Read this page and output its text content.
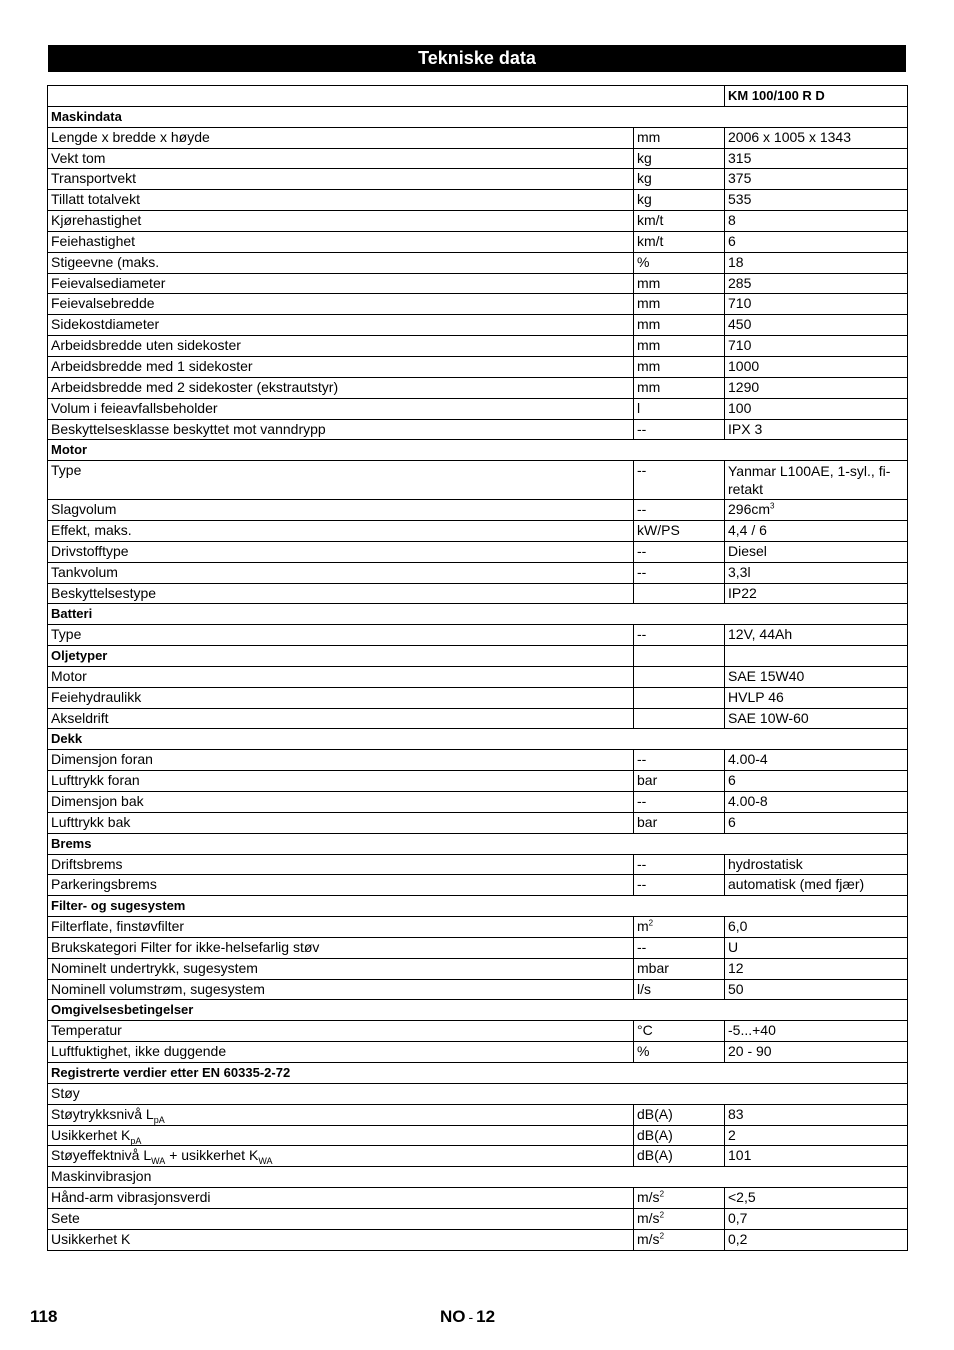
Tekniske data
		KM 100/100 R D
Maskindata		
Lengde x bredde x høyde	mm	2006 x 1005 x 1343
Vekt tom	kg	315
Transportvekt	kg	375
Tillatt totalvekt	kg	535
Kjørehastighet	km/t	8
Feiehastighet	km/t	6
Stigeevne (maks.	%	18
Feievalsediameter	mm	285
Feievalsebredde	mm	710
Sidekostdiameter	mm	450
Arbeidsbredde uten sidekoster	mm	710
Arbeidsbredde med 1 sidekoster	mm	1000
Arbeidsbredde med 2 sidekoster (ekstrautstyr)	mm	1290
Volum i feieavfallsbeholder	l	100
Beskyttelsesklasse beskyttet mot vanndrypp	--	IPX 3
Motor		
Type	--	Yanmar L100AE, 1-syl., fi-retakt
Slagvolum	--	$296cm^3$
Effekt, maks.	kW/PS	4,4 / 6
Drivstofftype	--	Diesel
Tankvolum	--	3,3l
Beskyttelsestype		IP22
Batteri		
Type	--	12V, 44Ah
Oljetyper		
Motor		SAE 15W40
Feiehydraulikk		HVLP 46
Akseldrift		SAE 10W-60
Dekk		
Dimensjon foran	--	4.00-4
Lufttrykk foran	bar	6
Dimensjon bak	--	4.00-8
Lufttrykk bak	bar	6
Brems		
Driftsbrems	--	hydrostatisk
Parkeringsbrems	--	automatisk (med fjær)
Filter- og sugesystem		
Filterflate, finstøvfilter	$m^2$	6,0
Brukskategori Filter for ikke-helsefarlig støv	--	U
Nominelt undertrykk, sugesystem	mbar	12
Nominell volumstrøm, sugesystem	l/s	50
Omgivelsesbetingelser		
Temperatur	°C	-5...+40
Luftfuktighet, ikke duggende	%	20 - 90
Registrerte verdier etter EN 60335-2-72		
Støy		
Støytrykksnivå $L_{pA}$	dB(A)	83
Usikkerhet $K_{pA}$	dB(A)	2
Støyeffektnivå $L_{WA}$ + usikkerhet $K_{WA}$	dB(A)	101
Maskinvibrasjon		
Hånd-arm vibrasjonsverdi	$m/s^2$	<2,5
Sete	$m/s^2$	0,7
Usikkerhet K	$m/s^2$	0,2
118	NO - 12
